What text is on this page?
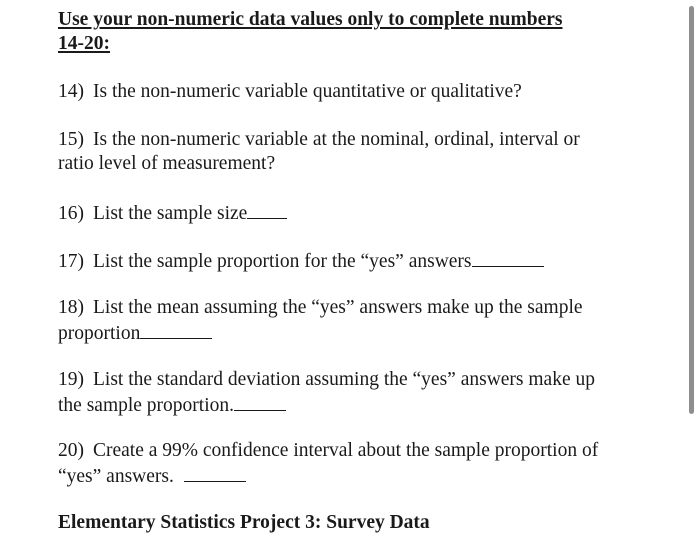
Use your non-numeric data values only to complete numbers
14-20:
14) Is the non-numeric variable quantitative or qualitative?
15) Is the non-numeric variable at the nominal, ordinal, interval or
ratio level of measurement?
16) List the sample size
17) List the sample proportion for the “yes” answers
18) List the mean assuming the “yes” answers make up the sample
proportion
19) List the standard deviation assuming the “yes” answers make up
the sample proportion.
20) Create a 99% confidence interval about the sample proportion of
“yes” answers.
Elementary Statistics Project 3: Survey Data
